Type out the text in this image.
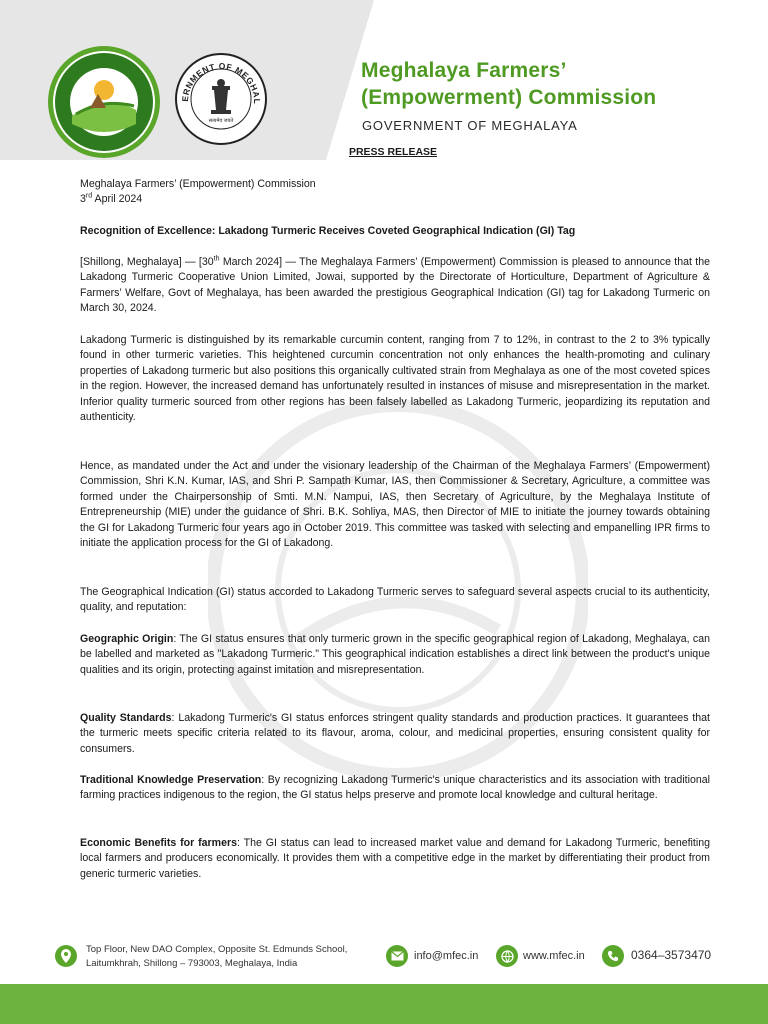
ERNMENT OF MEGHAL
सत्यमेव जयते
Meghalaya Farmers’
(Empowerment) Commission
GOVERNMENT OF MEGHALAYA
PRESS RELEASE
Meghalaya Farmers’ (Empowerment) Commission
3rd April 2024
Recognition of Excellence: Lakadong Turmeric Receives Coveted Geographical Indication (GI) Tag
[Shillong, Meghalaya] — [30th March 2024] — The Meghalaya Farmers’ (Empowerment) Commission is pleased to announce that the Lakadong Turmeric Cooperative Union Limited, Jowai, supported by the Directorate of Horticulture, Department of Agriculture & Farmers’ Welfare, Govt of Meghalaya, has been awarded the prestigious Geographical Indication (GI) tag for Lakadong Turmeric on March 30, 2024.
Lakadong Turmeric is distinguished by its remarkable curcumin content, ranging from 7 to 12%, in contrast to the 2 to 3% typically found in other turmeric varieties. This heightened curcumin concentration not only enhances the health-promoting and culinary properties of Lakadong turmeric but also positions this organically cultivated strain from Meghalaya as one of the most coveted spices in the region. However, the increased demand has unfortunately resulted in instances of misuse and misrepresentation in the market. Inferior quality turmeric sourced from other regions has been falsely labelled as Lakadong Turmeric, jeopardizing its reputation and authenticity.
Hence, as mandated under the Act and under the visionary leadership of the Chairman of the Meghalaya Farmers’ (Empowerment) Commission, Shri K.N. Kumar, IAS, and Shri P. Sampath Kumar, IAS, then Commissioner & Secretary, Agriculture, a committee was formed under the Chairpersonship of Smti. M.N. Nampui, IAS, then Secretary of Agriculture, by the Meghalaya Institute of Entrepreneurship (MIE) under the guidance of Shri. B.K. Sohliya, MAS, then Director of MIE to initiate the journey towards obtaining the GI for Lakadong Turmeric four years ago in October 2019. This committee was tasked with selecting and empanelling IPR firms to initiate the application process for the GI of Lakadong.
The Geographical Indication (GI) status accorded to Lakadong Turmeric serves to safeguard several aspects crucial to its authenticity, quality, and reputation:
Geographic Origin: The GI status ensures that only turmeric grown in the specific geographical region of Lakadong, Meghalaya, can be labelled and marketed as "Lakadong Turmeric." This geographical indication establishes a direct link between the product's unique qualities and its origin, protecting against imitation and misrepresentation.
Quality Standards: Lakadong Turmeric's GI status enforces stringent quality standards and production practices. It guarantees that the turmeric meets specific criteria related to its flavour, aroma, colour, and medicinal properties, ensuring consistent quality for consumers.
Traditional Knowledge Preservation: By recognizing Lakadong Turmeric's unique characteristics and its association with traditional farming practices indigenous to the region, the GI status helps preserve and promote local knowledge and cultural heritage.
Economic Benefits for farmers: The GI status can lead to increased market value and demand for Lakadong Turmeric, benefiting local farmers and producers economically. It provides them with a competitive edge in the market by differentiating their product from generic turmeric varieties.
Top Floor, New DAO Complex, Opposite St. Edmunds School,
Laitumkhrah, Shillong – 793003, Meghalaya, India
info@mfec.in	www.mfec.in	0364–3573470
